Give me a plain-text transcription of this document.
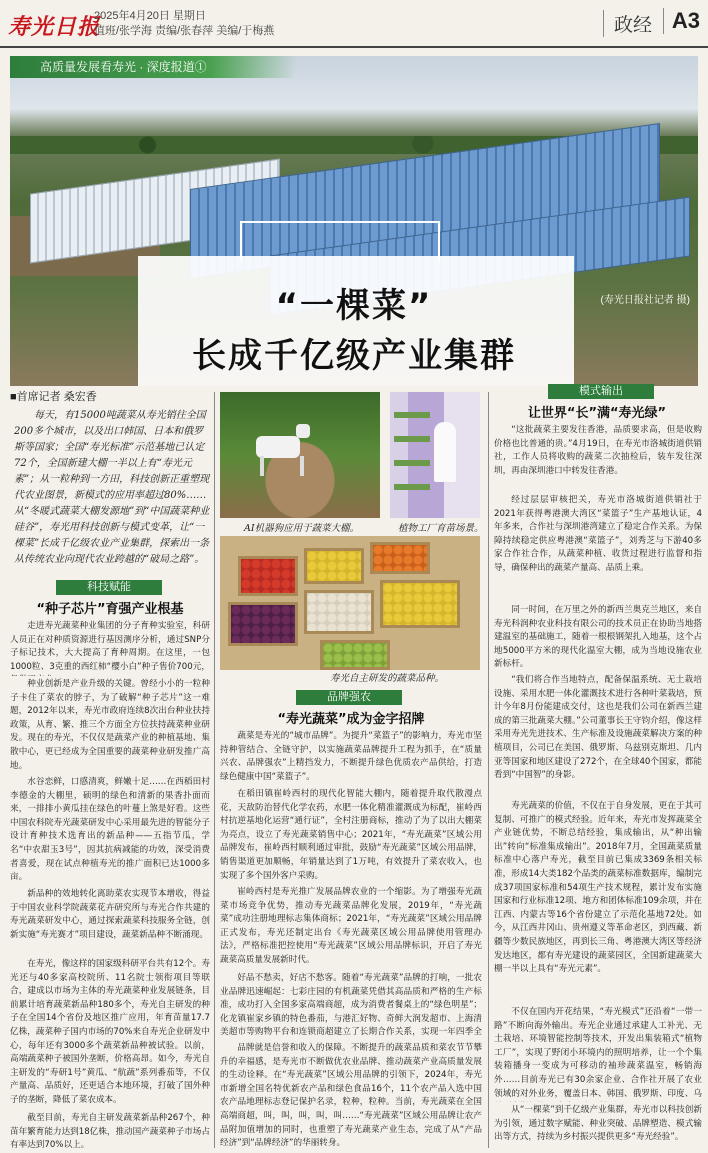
寿光日报
2025年4月20日 星期日
值班/张学海 责编/张春萍 美编/于梅燕	政经 A3
高质量发展看寿光 · 深度报道①
(寿光日报社记者 摄)
“一棵菜”
长成千亿级产业集群
■首席记者 桑宏香
每天，有15000吨蔬菜从寿光销往全国200多个城市，以及出口韩国、日本和俄罗斯等国家；全国“寿光标准”示范基地已认定72个，全国新建大棚一半以上有“寿光元素”；从一粒种到一方田，科技创新正重塑现代农业图景，新模式的应用率超过80%……从“冬暖式蔬菜大棚发源地”到“中国蔬菜种业硅谷”，寿光用科技创新与模式变革，让“一棵菜”长成千亿级农业产业集群，探索出一条从传统农业向现代农业跨越的“破局之路”。
科技赋能
“种子芯片”育强产业根基
走进寿光蔬菜种业集团的分子育种实验室，科研人员正在对种质资源进行基因测序分析，通过SNP分子标记技术，大大提高了育种周期。在这里，一包1000粒、3克重的西红柿“樱小白”种子售价700元，
种业创新是产业升级的关键。曾经小小的一粒种子卡住了菜农的脖子，为了破解“种子芯片”这一难题，2012年以来，寿光市政府连续8次出台种业扶持政策，从育、繁、推三个方面全方位扶持蔬菜种业研发。现在的寿光，不仅仅是蔬菜产业的种植基地、集散中心，更已经成为全国重要的蔬菜种业研发推广高地。
水谷恋鲜，口感清爽，鲜嫩十足……在西稻田村李德金的大棚里，硕明的绿色和清新的果香扑面而来，一排排小黄瓜挂在绿色的叶蔓上煞是好看。这些中国农科院寿光蔬菜研发中心采用最先进的智能分子设计育种技术选育出的新品种——五指节瓜，学名“中农甜玉3号”，因其抗病减能的功效，深受消费者喜爱，现在试点种植寿光的推广面积已达1000多亩。
新品种的效地转化离助菜农实现节本增收，得益于中国农业科学院蔬菜花卉研究所与寿光合作共建的寿光蔬菜研发中心，通过探索蔬菜科技服务全链，创新实施“寿光赛才”项目建设，蔬菜新品种不断涌现。
在寿光，像这样的国家级科研平台共有12个。寿光还与40多家高校院所、11名院士领衔项目等联合，建成以市场为主体的寿光蔬菜种业发展链条，目前累计培育蔬菜新品种180多个，寿光自主研发的种子在全国14个省份及地区推广应用，年育苗量17.7亿株，蔬菜种子国内市场的70%来自寿光企业研发中心，每年还有3000多个蔬菜新品种被试验。以前，高端蔬菜种子被国外垄断，价格高昂。如今，寿光自主研发的“寿研1号”黄瓜、“航蔬”系列番茄等，不仅产量高、品质好，还更适合本地环境，打破了国外种子的垄断，降低了菜农成本。
截至目前，寿光自主研发蔬菜新品种267个，种苗年繁育能力达到18亿株，推动国产蔬菜种子市场占有率达到70%以上。
AI机器狗应用于蔬菜大棚。	植物工厂育苗场景。
寿光自主研发的蔬菜品种。
品牌强农
“寿光蔬菜”成为金字招牌
蔬菜是寿光的“城市品牌”。为提升“菜篮子”的影响力，寿光市坚持种管结合、全链守护，以实施蔬菜品牌提升工程为抓手，在“质量兴农、品牌强农”上精挡发力，不断提升绿色优质农产品供给，打造绿色健康中国“菜篮子”。
在稻田镇崔岭西村的现代化智能大棚内，随着提升取代散漫点花，天敌防治替代化学农药，水肥一体化精准灌溉成为标配，崔岭西村抗逆基地化运营“通行证”，全村注册商标，推动了为了以出大棚菜为亮点，设立了寿光蔬菜销售中心；2021年，“寿光蔬菜”区域公用品牌发布，崔岭西村顺利通过审批，鼓励“寿光蔬菜”区域公用品牌，销售渠道更加顺畅，年销量达到了1万吨，有效提升了菜农收入，也实现了多个国外客户采购。
崔岭西村是寿光推广发展品牌农业的一个缩影。为了增强寿光蔬菜市场竞争优势，推动寿光蔬菜品牌化发展，2019年，“寿光蔬菜”成功注册地理标志集体商标；2021年，“寿光蔬菜”区域公用品牌正式发布，寿光还制定出台《寿光蔬菜区域公用品牌使用管理办法》，严格标准把控使用“寿光蔬菜”区域公用品牌标识，开启了寿光蔬菜高质量发展新时代。
好品不愁卖，好店不愁客。随着“寿光蔬菜”品牌的打响，一批农业品牌迅速崛起：七彩庄园的有机蔬菜凭借其高品质和严格的生产标准，成功打入全国多家高端商超，成为消费者餐桌上的“绿色明星”；化龙镇崔家乡镇的特色番茄，与港汇好物、奇鲜大润发超市、上海清美超市等购物平台和连锁商超建立了长期合作关系，实现一年四季全
品牌就是信誉和收入的保障。不断提升的蔬菜品质和菜农节节攀升的幸福感，是寿光市不断做优农业品牌、推动蔬菜产业高质量发展的生动诠释。在“寿光蔬菜”区域公用品牌的引领下，2024年，寿光市新增全国名特优新农产品和绿色食品16个，11个农产品入选中国农产品地理标志登记保护名录，粒种，粒种。当前，寿光蔬菜在全国高端商超，叫，叫，叫，叫，叫……“寿光蔬菜”区域公用品牌让农产品附加值增加的同时，也重塑了寿光蔬菜产业生态，完成了从“产品经济”到“品牌经济”的华丽转身。
模式输出
让世界“长”满“寿光绿”
“这批蔬菜主要发往香港，品质要求高，但是收购价格也比普通的贵。”4月19日，在寿光市洛城街道供销社，工作人员将收购的蔬菜二次抽检后，装车发往深圳，再由深圳港口中转发往香港。
经过层层审核把关，寿光市洛城街道供销社于2021年获得粤港澳大湾区“菜篮子”生产基地认证，4年多来，合作社与深圳港湾建立了稳定合作关系。为保障持续稳定供应粤港澳“菜篮子”，刘秀芝与下游40多家合作社合作，从蔬菜种植、收货过程进行监督和指导，确保种出的蔬菜产量高、品质上乘。
同一时间，在万里之外的新西兰奥克兰地区，来自寿光科润种农业科技有限公司的技术员正在协助当地搭建温室的基础施工，随着一根根钢架扎入地基，这个占地5000平方米的现代化温室大棚，成为当地设施农业新标杆。
“我们将合作当地特点，配备保温系统、无土栽培设施、采用水肥一体化灌溉技术进行各种叶菜栽培，预计今年8月份能建成交付，这也是我们公司在新西兰建成的第三批蔬菜大棚。”公司董事长王守钧介绍，像这样采用寿光先进技术、生产标准及设施蔬菜解决方案的种植项目，公司已在美国、俄罗斯、乌兹别克斯坦、几内亚等国家和地区建设了272个，在全球40个国家，都能看到“中国智”的身影。
寿光蔬菜的价值，不仅在于自身发展，更在于其可复制、可推广的模式经验。近年来，寿光市发挥蔬菜全产业链优势，不断总结经验，集成输出，从“种出输出”转向“标准集成输出”。2018年7月，全国蔬菜质量标准中心落户寿光，截至目前已集成3369条相关标准，形成14大类182个品类的蔬菜标准数据库，编制完成37项国家标准和54项生产技术规程，累计发布实施国家和行业标准12项、地方和团体标准109余项，并在江西、内蒙古等16个省份建立了示范化基地72处。如今，从江西井冈山、贵州遵义等革命老区，到西藏、新疆等少数民族地区，再到长三角、粤港澳大湾区等经济发达地区，都有寿光建设的蔬菜园区，全国新建蔬菜大棚一半以上具有“寿光元素”。
不仅在国内开花结果，“寿光模式”还沿着“一带一路”不断向海外输出。寿光企业通过承建人工补光、无土栽培、环境智能控制等技术，开发出集装箱式“植物工厂”，实现了野闭小环境内的照明培养，让一个个集装箱播身一变成为可移动的袖珍蔬菜温室，畅销海外……目前寿光已有30余家企业、合作社开展了农业领域的对外业务，覆盖日本、韩国、俄罗斯、印度、乌
从“一棵菜”到千亿级产业集群，寿光市以科技创新为引领，通过数字赋能、种业突破、品牌塑造、模式输出等方式，持续为乡村振兴提供更多“寿光经验”。
